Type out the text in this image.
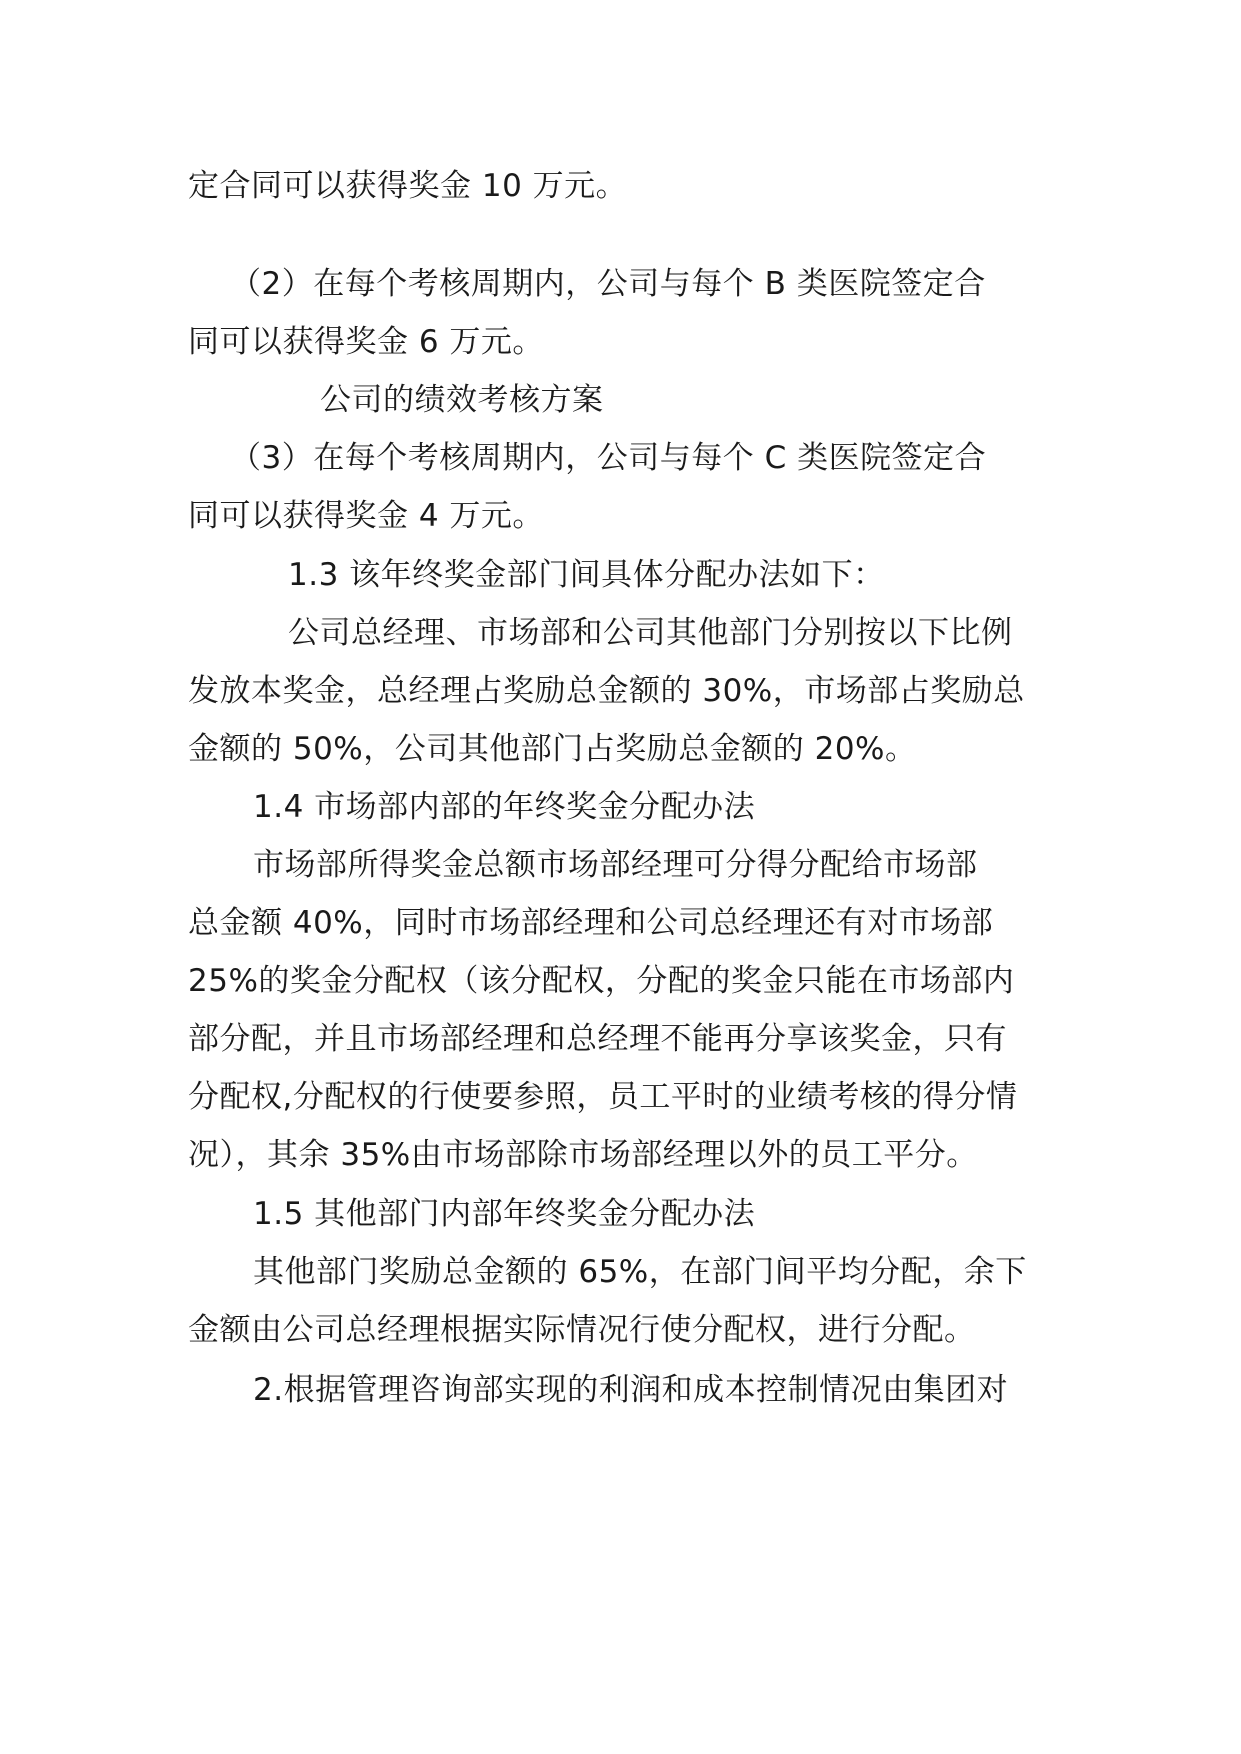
定合同可以获得奖金 10 万元。
（2）在每个考核周期内，公司与每个 B 类医院签定合
同可以获得奖金 6 万元。
公司的绩效考核方案
（3）在每个考核周期内，公司与每个 C 类医院签定合
同可以获得奖金 4 万元。
1.3 该年终奖金部门间具体分配办法如下：
公司总经理、市场部和公司其他部门分别按以下比例
发放本奖金，总经理占奖励总金额的 30%，市场部占奖励总
金额的 50%，公司其他部门占奖励总金额的 20%。
1.4 市场部内部的年终奖金分配办法
市场部所得奖金总额市场部经理可分得分配给市场部
总金额 40%，同时市场部经理和公司总经理还有对市场部
25%的奖金分配权（该分配权，分配的奖金只能在市场部内
部分配，并且市场部经理和总经理不能再分享该奖金，只有
分配权,分配权的行使要参照，员工平时的业绩考核的得分情
况），其余 35%由市场部除市场部经理以外的员工平分。
1.5 其他部门内部年终奖金分配办法
其他部门奖励总金额的 65%，在部门间平均分配，余下
金额由公司总经理根据实际情况行使分配权，进行分配。
2.根据管理咨询部实现的利润和成本控制情况由集团对
